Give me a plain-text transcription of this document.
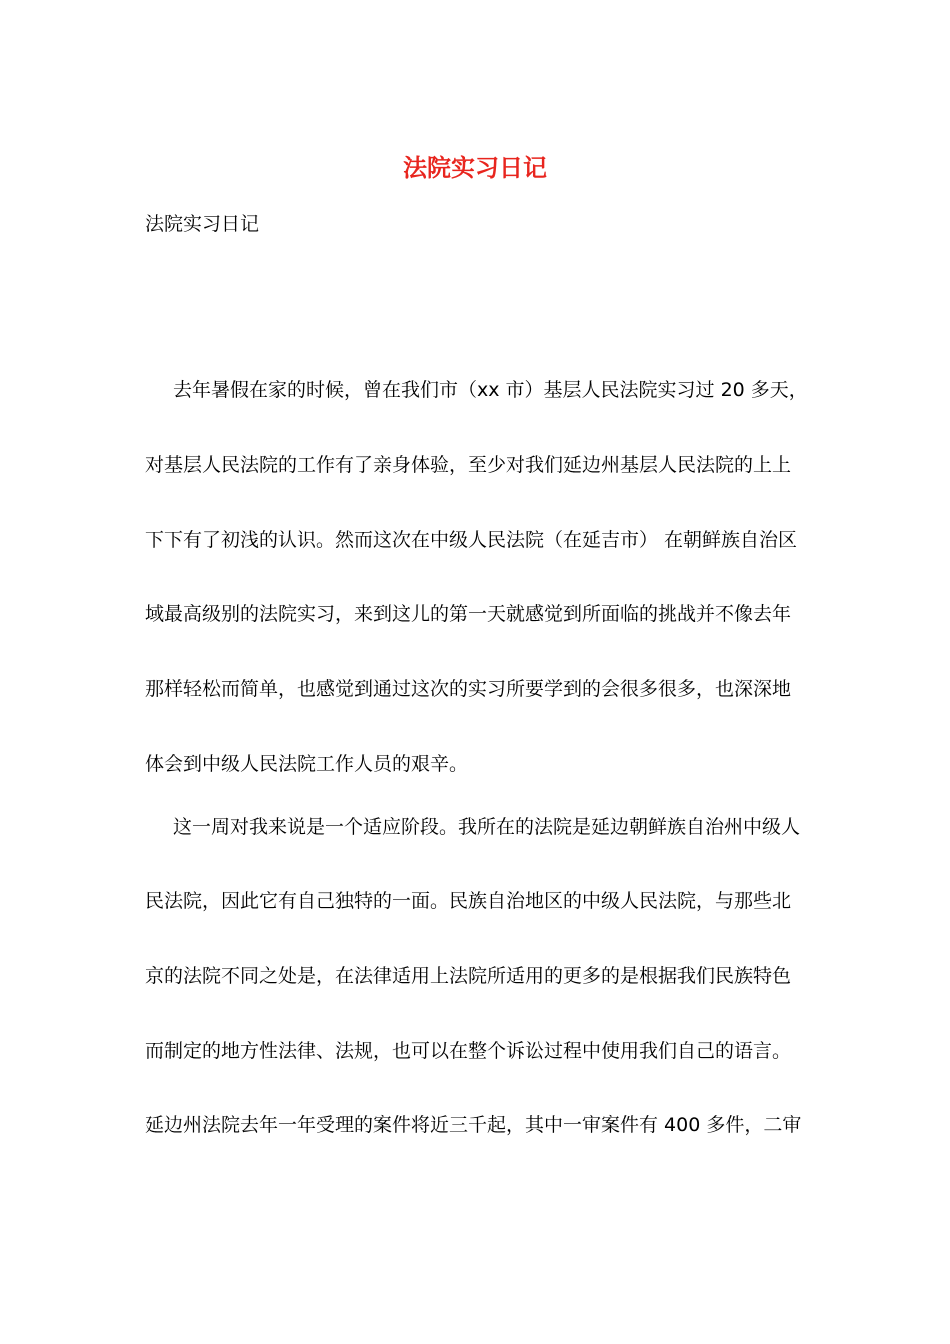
法院实习日记
法院实习日记
去年暑假在家的时候，曾在我们市（xx 市）基层人民法院实习过 20 多天，
对基层人民法院的工作有了亲身体验，至少对我们延边州基层人民法院的上上
下下有了初浅的认识。然而这次在中级人民法院（在延吉市） 在朝鲜族自治区
域最高级别的法院实习，来到这儿的第一天就感觉到所面临的挑战并不像去年
那样轻松而简单，也感觉到通过这次的实习所要学到的会很多很多，也深深地
体会到中级人民法院工作人员的艰辛。
这一周对我来说是一个适应阶段。我所在的法院是延边朝鲜族自治州中级人
民法院，因此它有自己独特的一面。民族自治地区的中级人民法院，与那些北
京的法院不同之处是，在法律适用上法院所适用的更多的是根据我们民族特色
而制定的地方性法律、法规，也可以在整个诉讼过程中使用我们自己的语言。
延边州法院去年一年受理的案件将近三千起，其中一审案件有 400 多件，二审
